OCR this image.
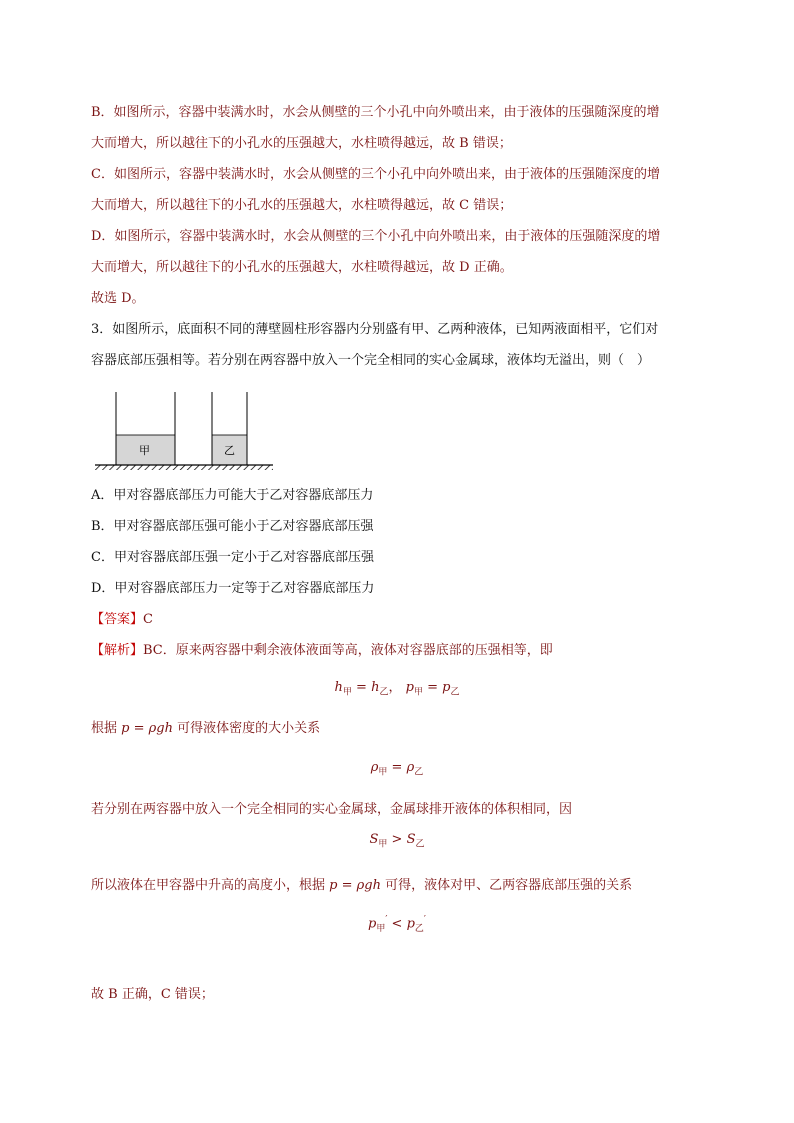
B．如图所示，容器中装满水时，水会从侧壁的三个小孔中向外喷出来，由于液体的压强随深度的增
大而增大，所以越往下的小孔水的压强越大，水柱喷得越远，故 B 错误；
C．如图所示，容器中装满水时，水会从侧壁的三个小孔中向外喷出来，由于液体的压强随深度的增
大而增大，所以越往下的小孔水的压强越大，水柱喷得越远，故 C 错误；
D．如图所示，容器中装满水时，水会从侧壁的三个小孔中向外喷出来，由于液体的压强随深度的增
大而增大，所以越往下的小孔水的压强越大，水柱喷得越远，故 D 正确。
故选 D。
3．如图所示，底面积不同的薄壁圆柱形容器内分别盛有甲、乙两种液体，已知两液面相平，它们对
容器底部压强相等。若分别在两容器中放入一个完全相同的实心金属球，液体均无溢出，则（　）
甲	乙
A．甲对容器底部压力可能大于乙对容器底部压力
B．甲对容器底部压强可能小于乙对容器底部压强
C．甲对容器底部压强一定小于乙对容器底部压强
D．甲对容器底部压力一定等于乙对容器底部压力
【答案】C
【解析】BC．原来两容器中剩余液体液面等高，液体对容器底部的压强相等，即
$h_甲 = h_乙$， $p_甲 = p_乙$
根据 p = ρgh 可得液体密度的大小关系
$\rho_甲 = \rho_乙$
若分别在两容器中放入一个完全相同的实心金属球，金属球排开液体的体积相同，因
$S_甲 > S_乙$
所以液体在甲容器中升高的高度小，根据 p = ρgh 可得，液体对甲、乙两容器底部压强的关系
$p_甲' < p_乙'$
故 B 正确，C 错误；
